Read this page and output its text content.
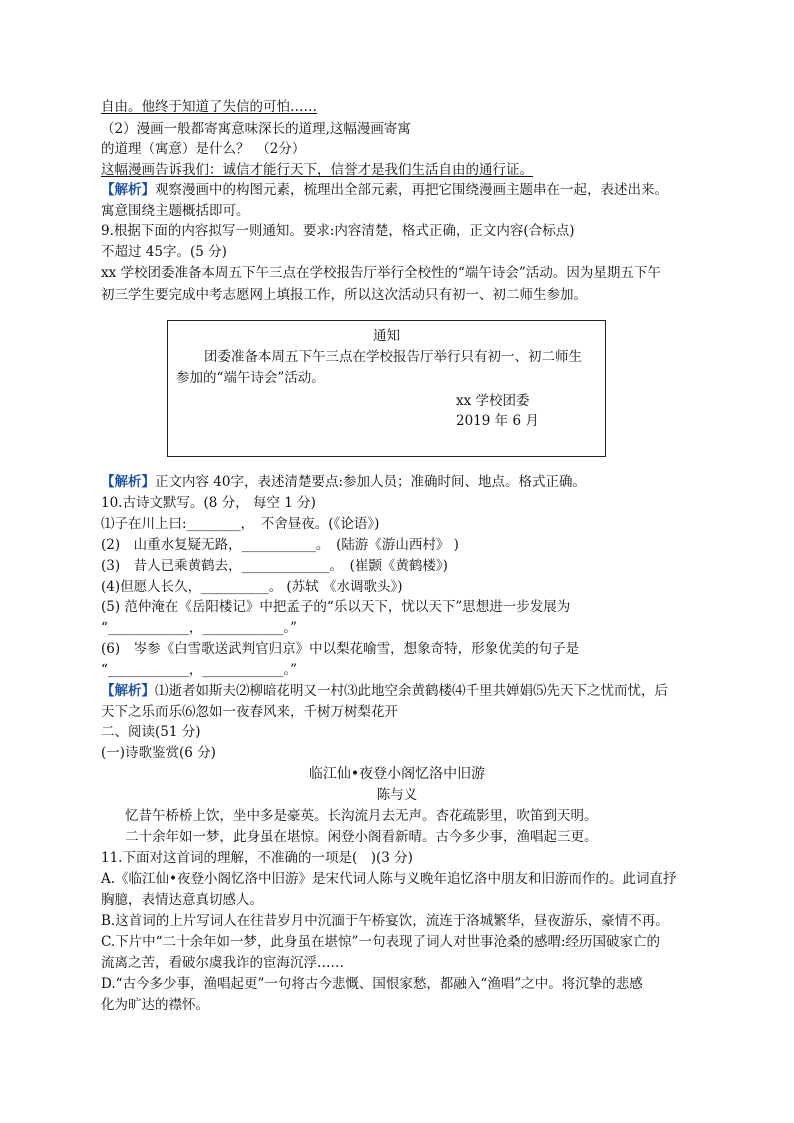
自由。他终于知道了失信的可怕……
（2）漫画一般都寄寓意味深长的道理,这幅漫画寄寓
的道理（寓意）是什么？　（2分）
这幅漫画告诉我们：诚信才能行天下，信誉才是我们生活自由的通行证。
【解析】观察漫画中的构图元素，梳理出全部元素，再把它围绕漫画主题串在一起，表述出来。
寓意围绕主题概括即可。
9.根据下面的内容拟写一则通知。要求:内容清楚，格式正确，正文内容(合标点)
不超过 45字。(5 分)
xx 学校团委准备本周五下午三点在学校报告厅举行全校性的“端午诗会”活动。因为星期五下午
初三学生要完成中考志愿网上填报工作，所以这次活动只有初一、初二师生参加。
通知
团委准备本周五下午三点在学校报告厅举行只有初一、初二师生
参加的“端午诗会”活动。
xx 学校团委
2019 年 6 月
【解析】正文内容 40字，表述清楚要点:参加人员；准确时间、地点。格式正确。
10.古诗文默写。(8 分， 每空 1 分)
⑴子在川上曰:________，　不舍昼夜。(《论语》)
(2)　山重水复疑无路，___________。　(陆游《游山西村》 )
(3)　昔人已乘黄鹤去，_____________。　(崔颢《黄鹤楼》)
(4)但愿人长久，__________。 (苏轼 《水调歌头》)
(5) 范仲淹在《岳阳楼记》中把孟子的“乐以天下，忧以天下”思想进一步发展为
“____________，____________。”
(6)　岑参《白雪歌送武判官归京》中以梨花喻雪，想象奇特，形象优美的句子是
“____________，____________。”
【解析】⑴逝者如斯夫⑵柳暗花明又一村⑶此地空余黄鹤楼⑷千里共婵娟⑸先天下之忧而忧，后
天下之乐而乐⑹忽如一夜春风来，千树万树梨花开
二、阅读(51 分)
(一)诗歌鉴赏(6 分)
临江仙•夜登小阁忆洛中旧游
陈与义
忆昔午桥桥上饮，坐中多是豪英。长沟流月去无声。杏花疏影里，吹笛到天明。
二十余年如一梦，此身虽在堪惊。闲登小阁看新晴。古今多少事，渔唱起三更。
11.下面对这首词的理解，不准确的一项是(　)(3 分)
A.《临江仙•夜登小阁忆洛中旧游》是宋代词人陈与义晚年追忆洛中朋友和旧游而作的。此词直抒
胸臆，表情达意真切感人。
B.这首词的上片写词人在往昔岁月中沉湎于午桥宴饮，流连于洛城繁华，昼夜游乐，豪情不再。
C.下片中“二十余年如一梦，此身虽在堪惊”一句表现了词人对世事沧桑的感喟:经历国破家亡的
流离之苦，看破尔虞我诈的宦海沉浮……
D.“古今多少事，渔唱起更”一句将古今悲慨、国恨家愁，都融入“渔唱”之中。将沉挚的悲感
化为旷达的襟怀。
